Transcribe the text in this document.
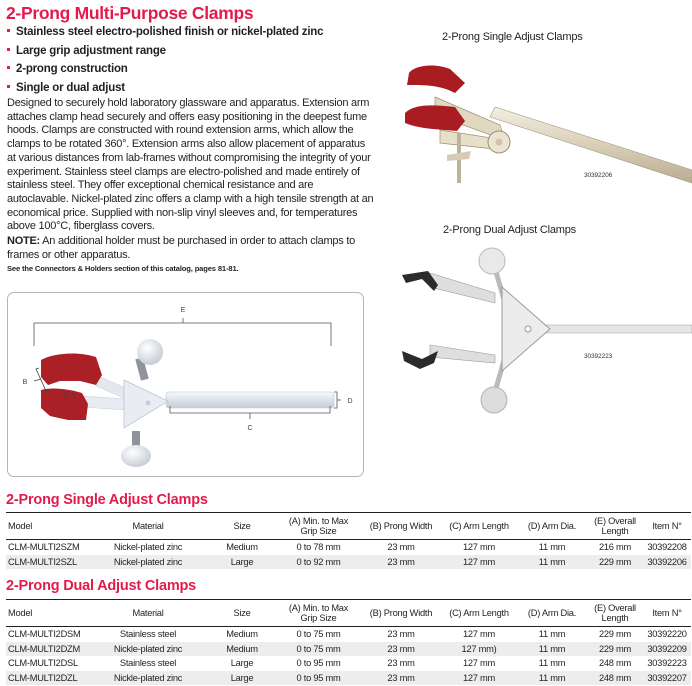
2-Prong Multi-Purpose Clamps
Stainless steel electro-polished finish or nickel-plated zinc
Large grip adjustment range
2-prong construction
Single or dual adjust

Designed to securely hold laboratory glassware and apparatus. Extension arm attaches clamp head securely and offers easy positioning in the deepest fume hoods. Clamps are constructed with round extension arms, which allow the clamps to be rotated 360°. Extension arms also allow placement of apparatus at various distances from lab-frames without compromising the integrity of your experiment. Stainless steel clamps are electro-polished and made entirely of stainless steel. They offer exceptional chemical resistance and are autoclavable. Nickel-plated zinc offers a clamp with a high tensile strength at an economical price. Supplied with non-slip vinyl sleeves and, for temperatures above 100°C, fiberglass covers.

NOTE: An additional holder must be purchased in order to attach clamps to frames or other apparatus.

See the Connectors & Holders section of this catalog, pages 81-81.
2-Prong Single Adjust Clamps
30392206
2-Prong Dual Adjust Clamps
30392223
E
B
A
C
D
2-Prong Single Adjust Clamps
Model	Material	Size	(A) Min. to Max
Grip Size	(B) Prong Width	(C) Arm Length	(D) Arm Dia.	(E) Overall
Length	Item N°
CLM-MULTI2SZM	Nickel-plated zinc	Medium	0 to 78 mm	23 mm	127 mm	11 mm	216 mm	30392208
CLM-MULTI2SZL	Nickel-plated zinc	Large	0 to 92 mm	23 mm	127 mm	11 mm	229 mm	30392206
2-Prong Dual Adjust Clamps
Model	Material	Size	(A) Min. to Max
Grip Size	(B) Prong Width	(C) Arm Length	(D) Arm Dia.	(E) Overall
Length	Item N°
CLM-MULTI2DSM	Stainless steel	Medium	0 to 75 mm	23 mm	127 mm	11 mm	229 mm	30392220
CLM-MULTI2DZM	Nickle-plated zinc	Medium	0 to 75 mm	23 mm	127 mm)	11 mm	229 mm	30392209
CLM-MULTI2DSL	Stainless steel	Large	0 to 95 mm	23 mm	127 mm	11 mm	248 mm	30392223
CLM-MULTI2DZL	Nickle-plated zinc	Large	0 to 95 mm	23 mm	127 mm	11 mm	248 mm	30392207
